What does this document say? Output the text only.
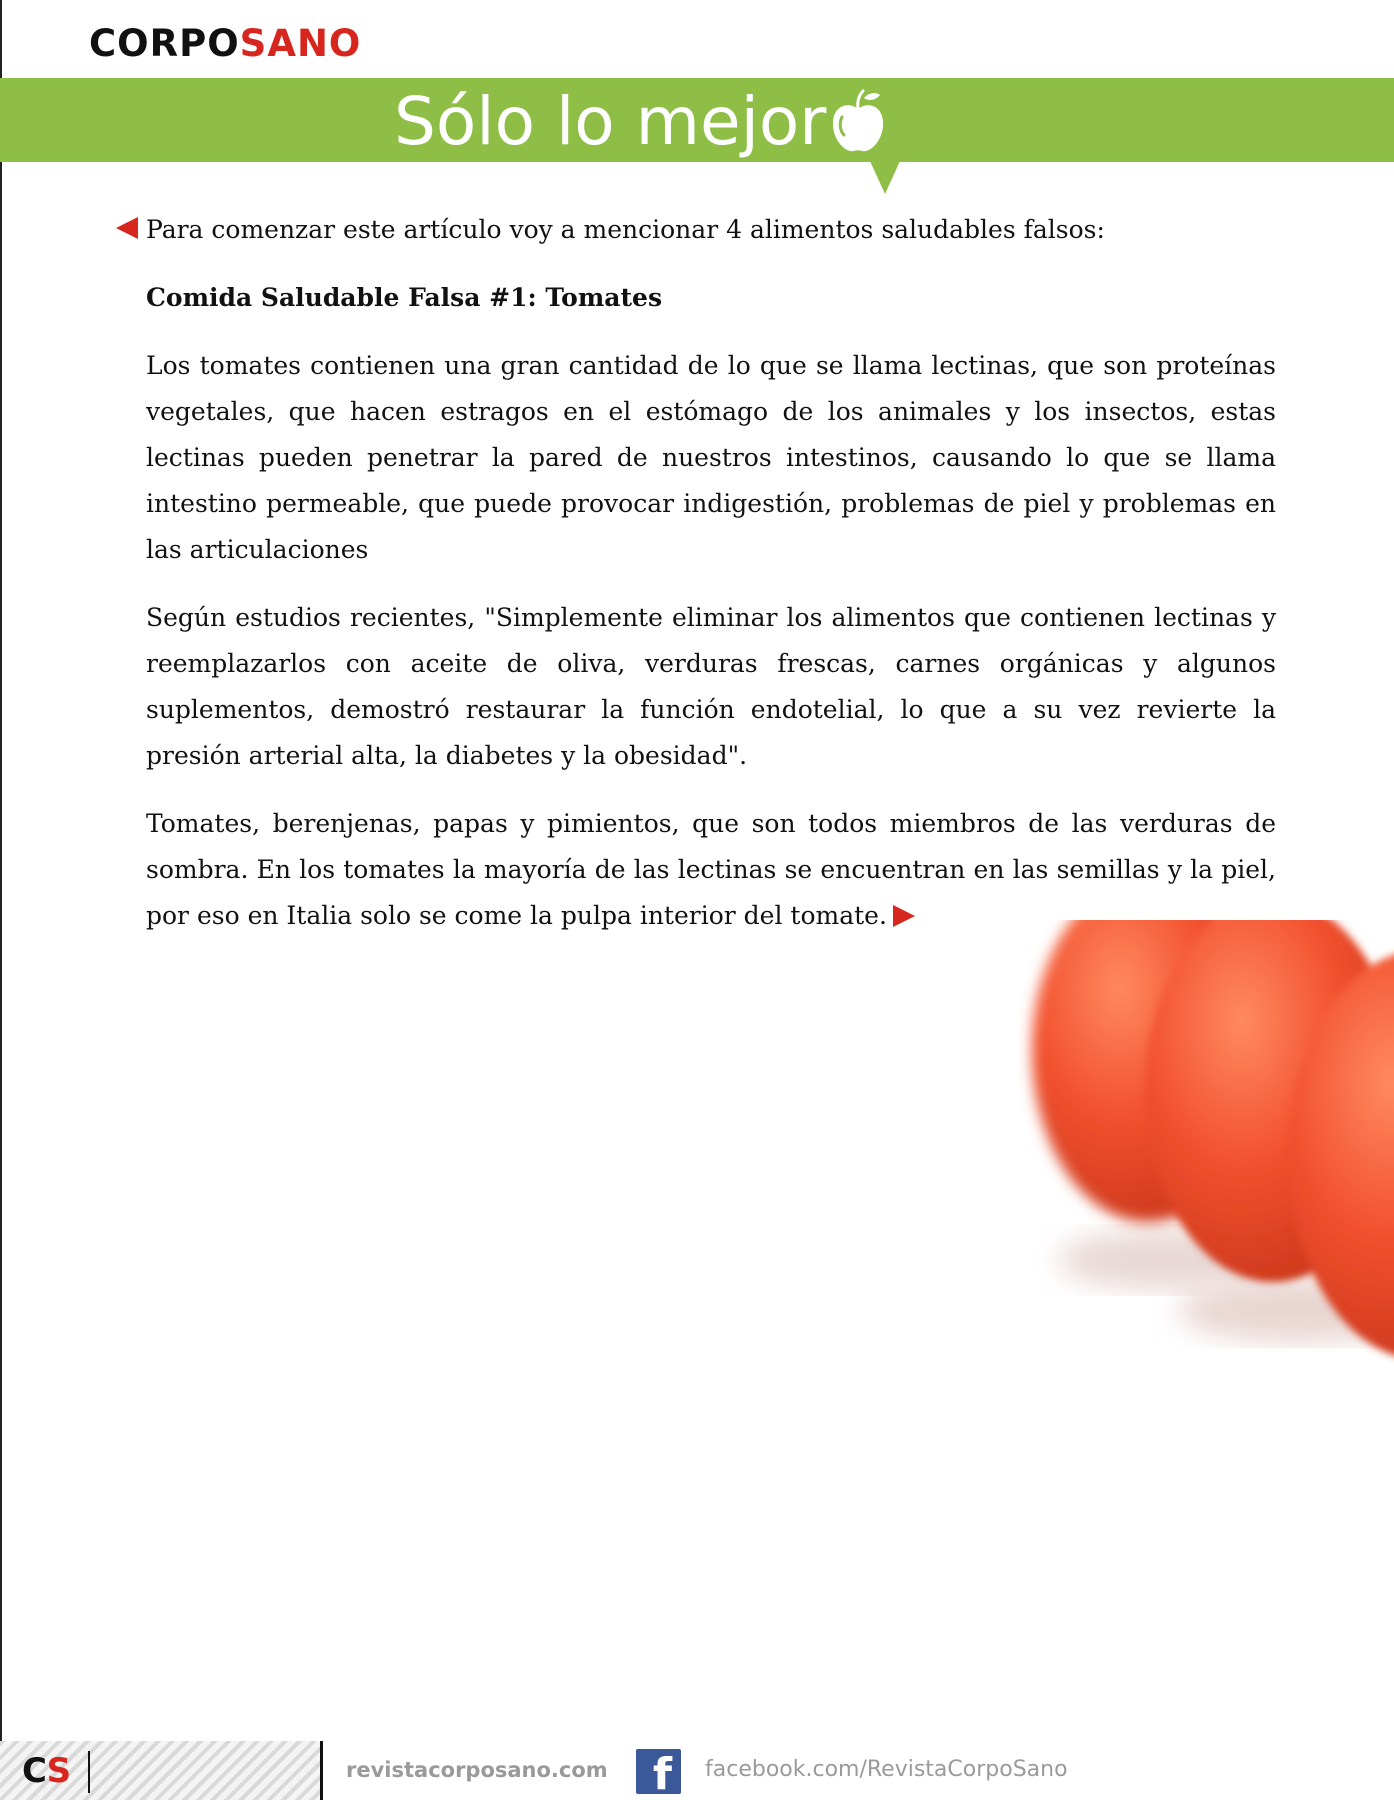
CORPOSANO
Sólo lo mejor

Para comenzar este artículo voy a mencionar 4 alimentos saludables falsos:

Comida Saludable Falsa #1: Tomates

Los tomates contienen una gran cantidad de lo que se llama lectinas, que son proteínas vegetales, que hacen estragos en el estómago de los animales y los insectos, estas lectinas pueden penetrar la pared de nuestros intestinos, causando lo que se llama intestino permeable, que puede provocar indigestión, problemas de piel y problemas en las articulaciones

Según estudios recientes, "Simplemente eliminar los alimentos que contienen lectinas y reemplazarlos con aceite de oliva, verduras frescas, carnes orgánicas y algunos suplementos, demostró restaurar la función endotelial, lo que a su vez revierte la presión arterial alta, la diabetes y la obesidad".

Tomates, berenjenas, papas y pimientos, que son todos miembros de las verduras de sombra. En los tomates la mayoría de las lectinas se encuentran en las semillas y la piel, por eso en Italia solo se come la pulpa interior del tomate.

CS	revistacorposano.com f facebook.com/RevistaCorpoSano
